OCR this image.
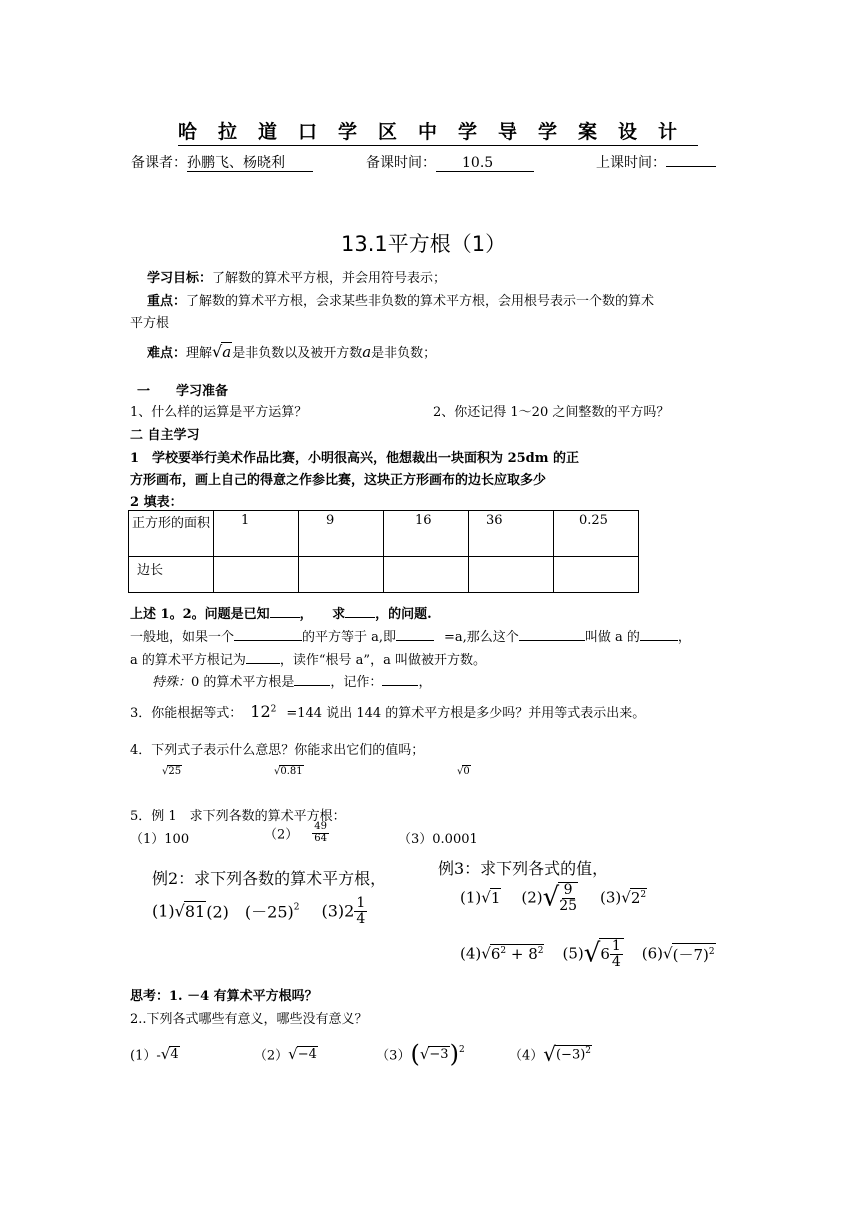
哈拉道口学区中学导学案设计
备课者：孙鹏飞、杨晓利	备课时间： 10.5	上课时间：
13.1平方根（1）
学习目标：了解数的算术平方根，并会用符号表示；
重点：了解数的算术平方根，会求某些非负数的算术平方根，会用根号表示一个数的算术
平方根
难点：理解√a是非负数以及被开方数a是非负数；
一　　学习准备
1、什么样的运算是平方运算？	2、你还记得 1～20 之间整数的平方吗？
二 自主学习
1　学校要举行美术作品比赛，小明很高兴，他想裁出一块面积为 25dm 的正
方形画布，画上自己的得意之作参比赛，这块正方形画布的边长应取多少
2 填表：
正方形的面积	1	9	16	36	0.25
边长					
上述 1。2。问题是已知 ，　　求 ，的问题.
一般地，如果一个	的平方等于 a,即	=a,那么这个	叫做 a 的	，
a 的算术平方根记为	，读作“根号 a”，a 叫做被开方数。
特殊：0 的算术平方根是	，记作：	，
3．你能根据等式： $12^2 =144$ 说出 144 的算术平方根是多少吗？并用等式表示出来。
4．下列式子表示什么意思？你能求出它们的值吗；
√25	√0.81	√0
5．例 1　求下列各数的算术平方根：
（1）100	$(2) \frac{49}{64}$	（3）0.0001
例2：求下列各数的算术平方根，
(1)√81(2)　$(-25)^2$ $(3)2 \frac{1}{4}$
例3：求下列各式的值，
(1)√1 $(2)√ \frac{9}{25} (3)√2^2$
$(4)√6^2 + 8^2$ $(5)√6 \frac{1}{4} (6)√(-7)^2$
思考：1. －4 有算术平方根吗？
2..下列各式哪些有意义，哪些没有意义？
(1）-√4	（2）√−4	$(3)(√-3)^2$	$(4)√(-3)^2$
